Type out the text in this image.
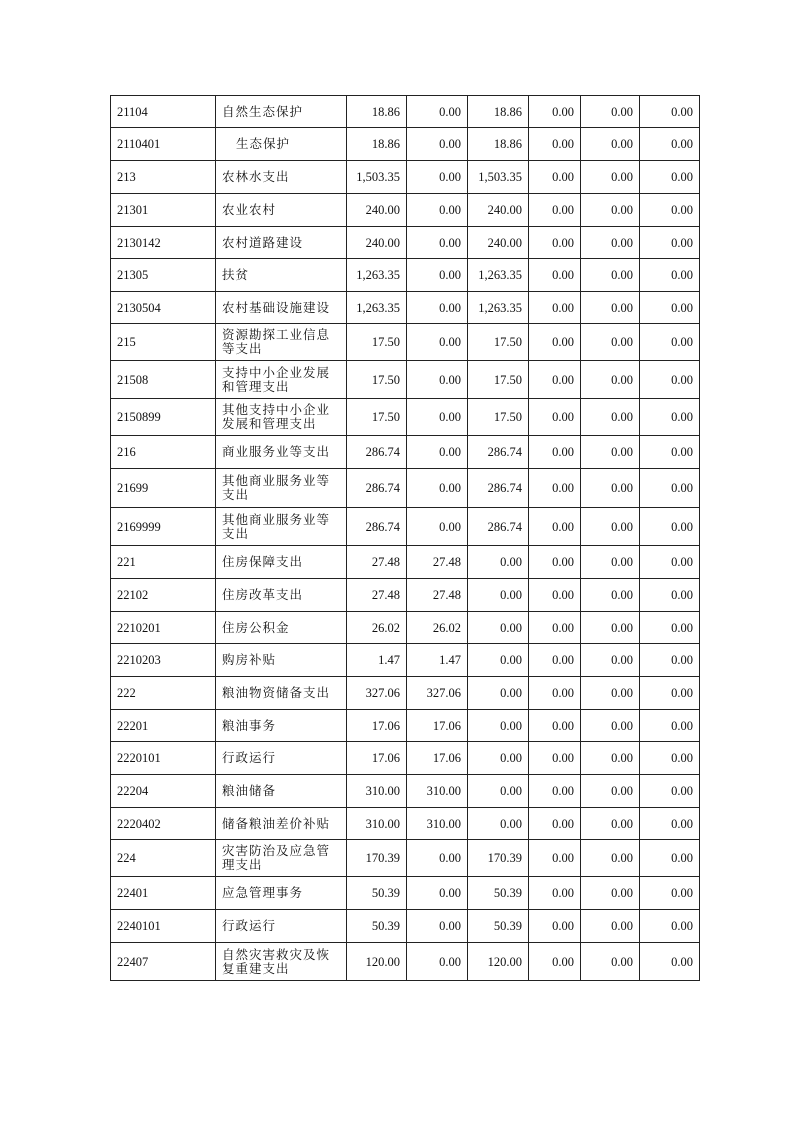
21104	自然生态保护	18.86	0.00	18.86	0.00	0.00	0.00
2110401	生态保护	18.86	0.00	18.86	0.00	0.00	0.00
213	农林水支出	1,503.35	0.00	1,503.35	0.00	0.00	0.00
21301	农业农村	240.00	0.00	240.00	0.00	0.00	0.00
2130142	农村道路建设	240.00	0.00	240.00	0.00	0.00	0.00
21305	扶贫	1,263.35	0.00	1,263.35	0.00	0.00	0.00
2130504	农村基础设施建设	1,263.35	0.00	1,263.35	0.00	0.00	0.00
215	资源勘探工业信息等支出	17.50	0.00	17.50	0.00	0.00	0.00
21508	支持中小企业发展和管理支出	17.50	0.00	17.50	0.00	0.00	0.00
2150899	其他支持中小企业发展和管理支出	17.50	0.00	17.50	0.00	0.00	0.00
216	商业服务业等支出	286.74	0.00	286.74	0.00	0.00	0.00
21699	其他商业服务业等支出	286.74	0.00	286.74	0.00	0.00	0.00
2169999	其他商业服务业等支出	286.74	0.00	286.74	0.00	0.00	0.00
221	住房保障支出	27.48	27.48	0.00	0.00	0.00	0.00
22102	住房改革支出	27.48	27.48	0.00	0.00	0.00	0.00
2210201	住房公积金	26.02	26.02	0.00	0.00	0.00	0.00
2210203	购房补贴	1.47	1.47	0.00	0.00	0.00	0.00
222	粮油物资储备支出	327.06	327.06	0.00	0.00	0.00	0.00
22201	粮油事务	17.06	17.06	0.00	0.00	0.00	0.00
2220101	行政运行	17.06	17.06	0.00	0.00	0.00	0.00
22204	粮油储备	310.00	310.00	0.00	0.00	0.00	0.00
2220402	储备粮油差价补贴	310.00	310.00	0.00	0.00	0.00	0.00
224	灾害防治及应急管理支出	170.39	0.00	170.39	0.00	0.00	0.00
22401	应急管理事务	50.39	0.00	50.39	0.00	0.00	0.00
2240101	行政运行	50.39	0.00	50.39	0.00	0.00	0.00
22407	自然灾害救灾及恢复重建支出	120.00	0.00	120.00	0.00	0.00	0.00
